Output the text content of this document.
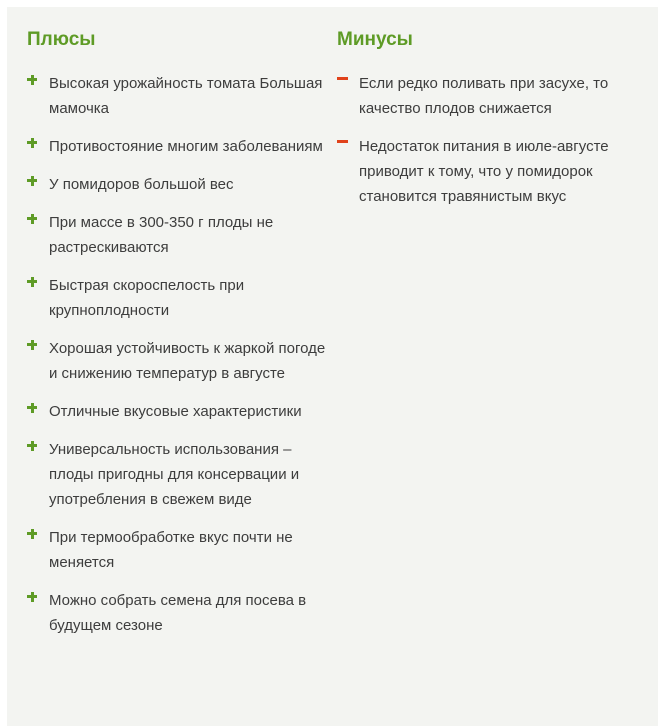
Плюсы
Высокая урожайность томата Большая мамочка
Противостояние многим заболеваниям
У помидоров большой вес
При массе в 300-350 г плоды не растрескиваются
Быстрая скороспелость при крупноплодности
Хорошая устойчивость к жаркой погоде и снижению температур в августе
Отличные вкусовые характеристики
Универсальность использования – плоды пригодны для консервации и употребления в свежем виде
При термообработке вкус почти не меняется
Можно собрать семена для посева в будущем сезоне
Минусы
Если редко поливать при засухе, то качество плодов снижается
Недостаток питания в июле-августе приводит к тому, что у помидорок становится травянистым вкус
